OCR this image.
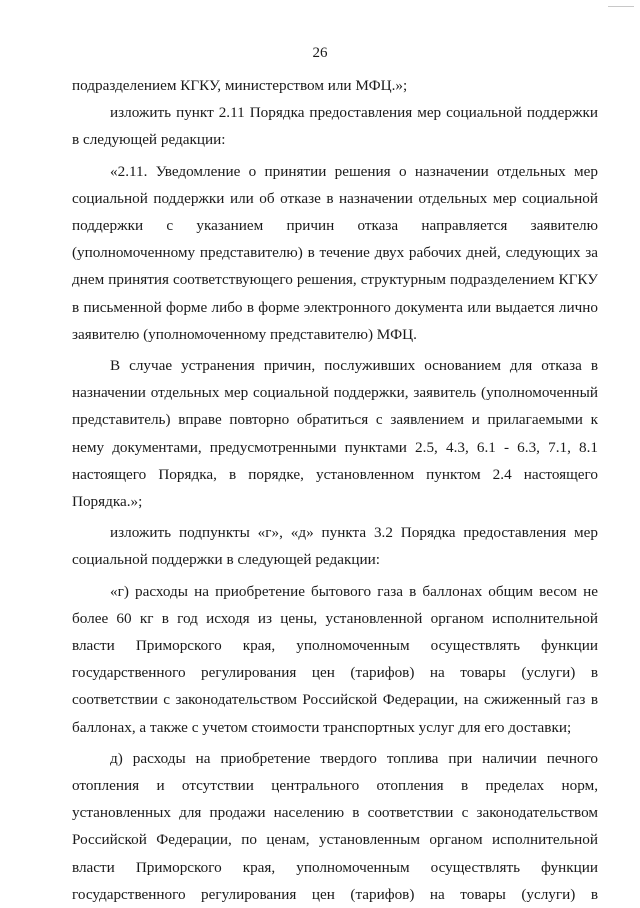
26

подразделением КГКУ, министерством или МФЦ.»;

изложить пункт 2.11 Порядка предоставления мер социальной поддержки в следующей редакции:

«2.11. Уведомление о принятии решения о назначении отдельных мер социальной поддержки или об отказе в назначении отдельных мер социальной поддержки с указанием причин отказа направляется заявителю (уполномоченному представителю) в течение двух рабочих дней, следующих за днем принятия соответствующего решения, структурным подразделением КГКУ в письменной форме либо в форме электронного документа или выдается лично заявителю (уполномоченному представителю) МФЦ.

В случае устранения причин, послуживших основанием для отказа в назначении отдельных мер социальной поддержки, заявитель (уполномоченный представитель) вправе повторно обратиться с заявлением и прилагаемыми к нему документами, предусмотренными пунктами 2.5, 4.3, 6.1 - 6.3, 7.1, 8.1 настоящего Порядка, в порядке, установленном пунктом 2.4 настоящего Порядка.»;

изложить подпункты «г», «д» пункта 3.2 Порядка предоставления мер социальной поддержки в следующей редакции:

«г) расходы на приобретение бытового газа в баллонах общим весом не более 60 кг в год исходя из цены, установленной органом исполнительной власти Приморского края, уполномоченным осуществлять функции государственного регулирования цен (тарифов) на товары (услуги) в соответствии с законодательством Российской Федерации, на сжиженный газ в баллонах, а также с учетом стоимости транспортных услуг для его доставки;

д) расходы на приобретение твердого топлива при наличии печного отопления и отсутствии центрального отопления в пределах норм, установленных для продажи населению в соответствии с законодательством Российской Федерации, по ценам, установленным органом исполнительной власти Приморского края, уполномоченным осуществлять функции государственного регулирования цен (тарифов) на товары (услуги) в
